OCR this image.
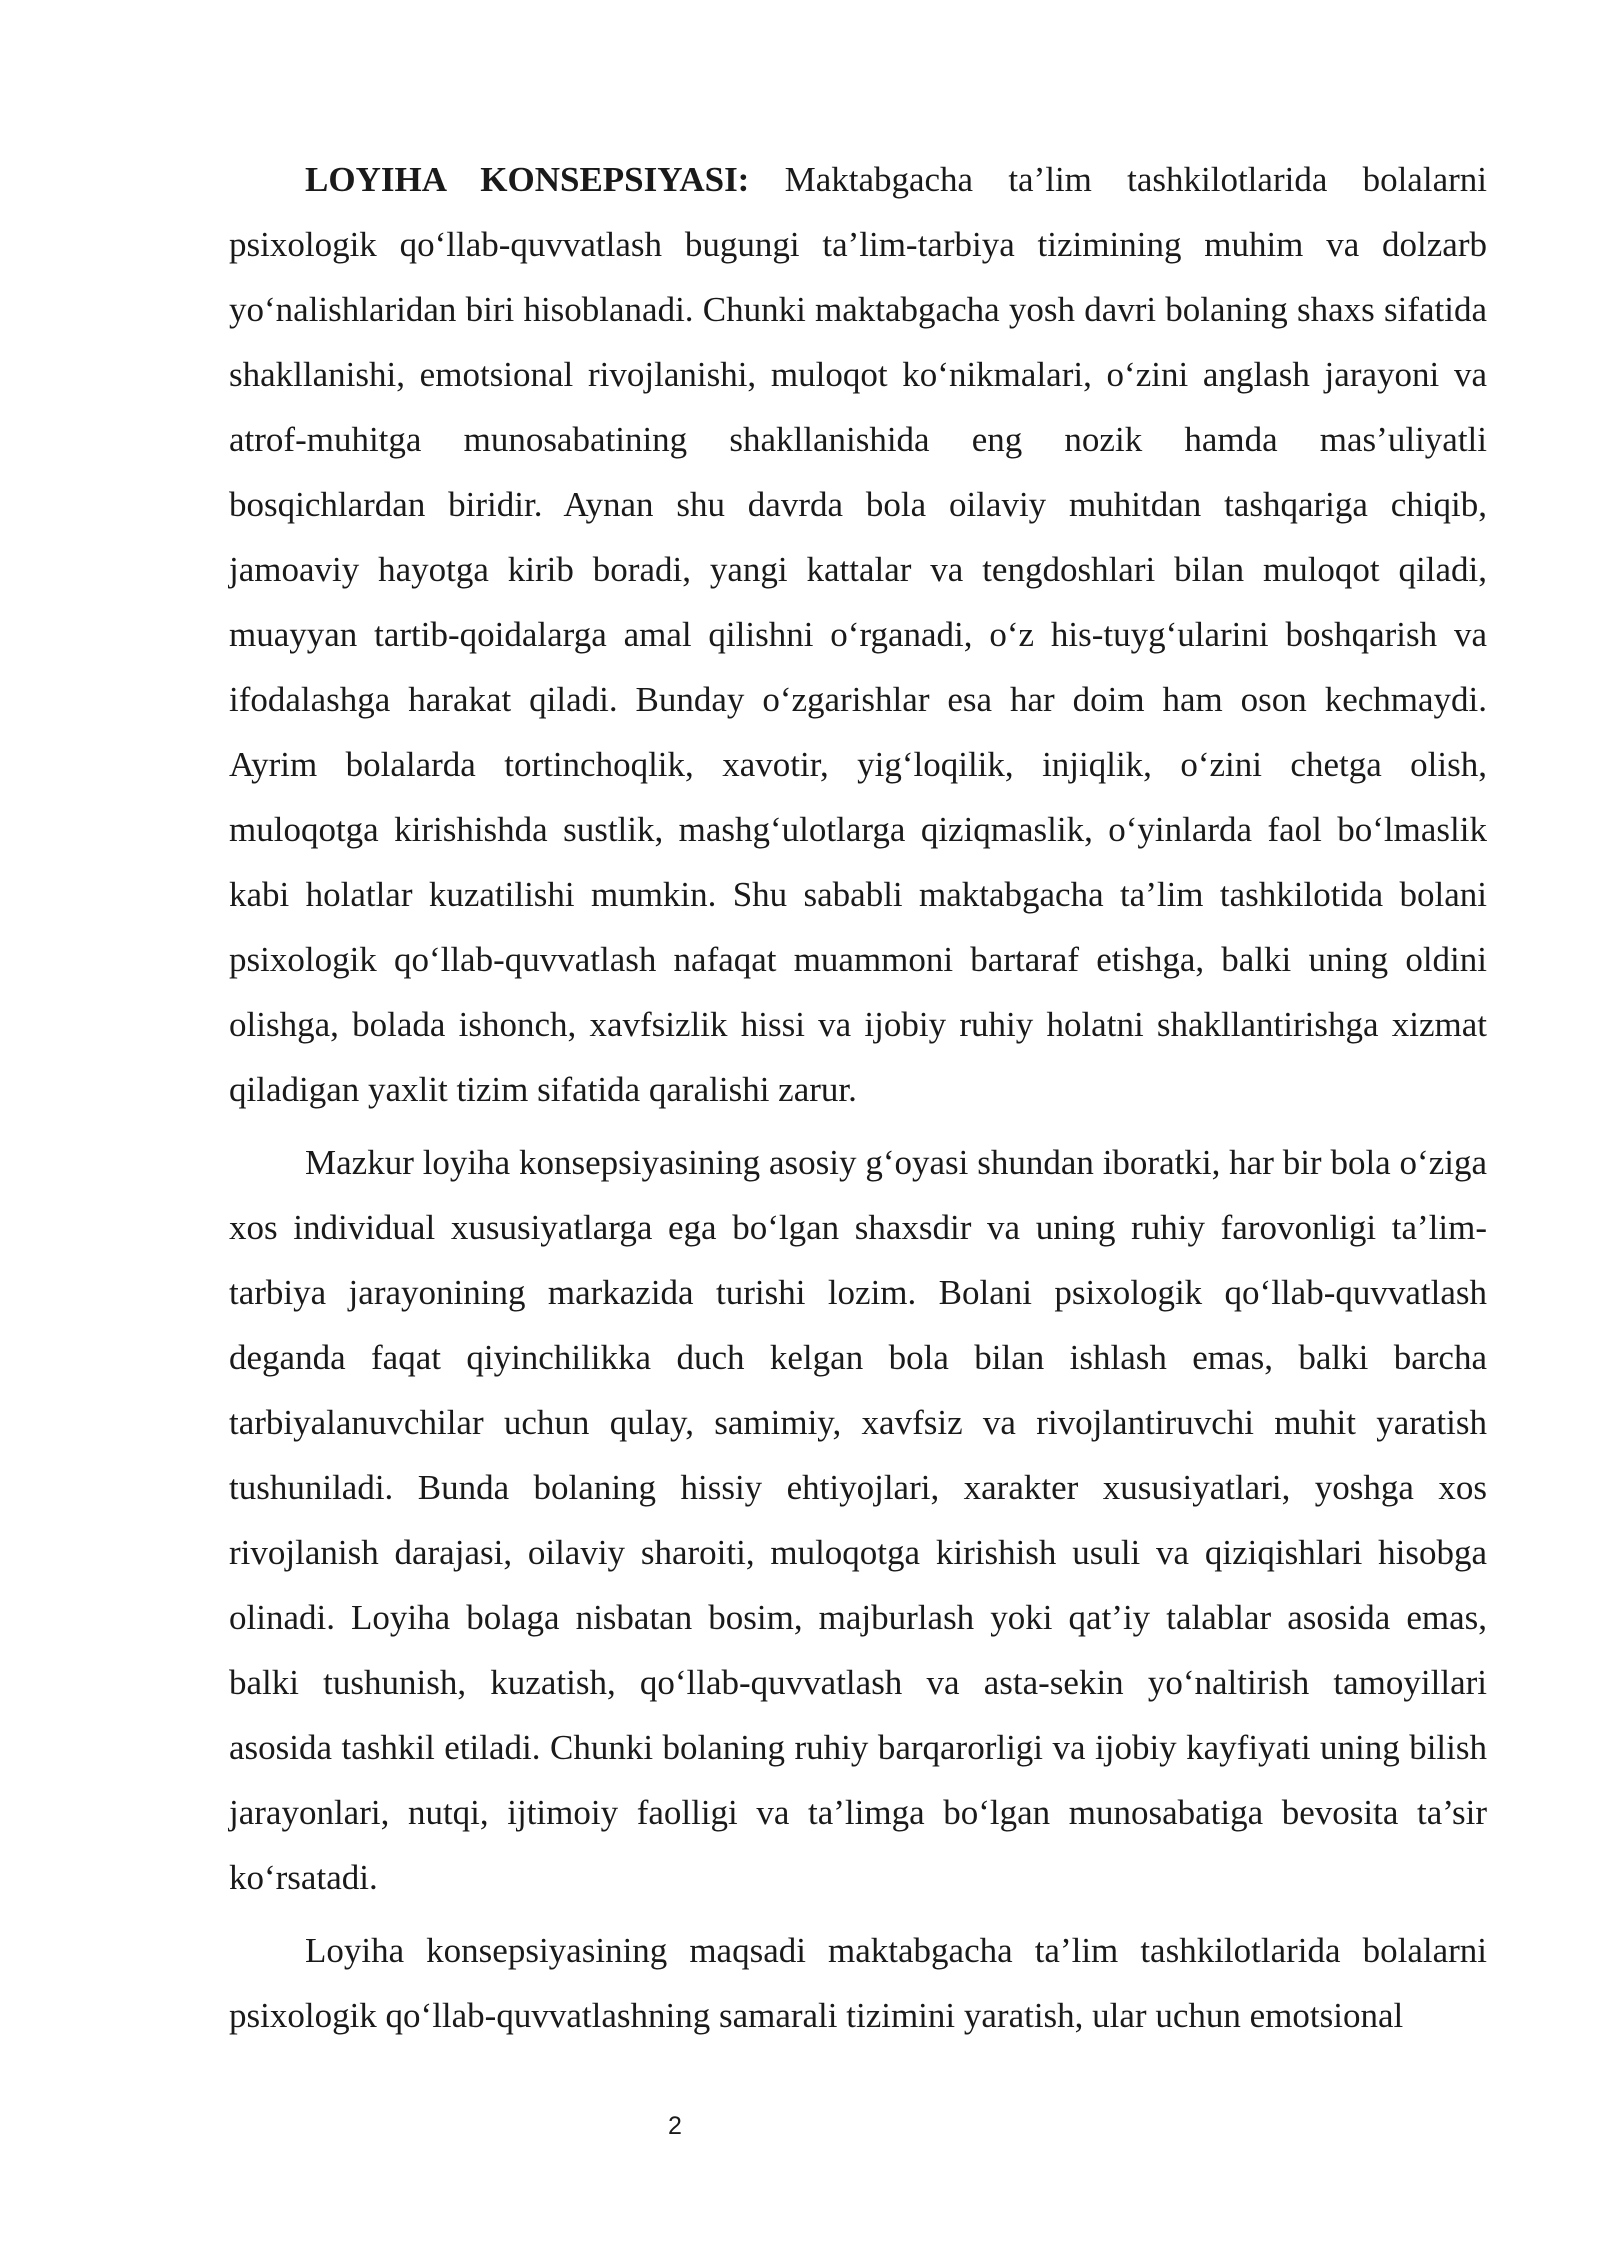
LOYIHA KONSEPSIYASI: Maktabgacha ta’lim tashkilotlarida bolalarni psixologik qo‘llab-quvvatlash bugungi ta’lim-tarbiya tizimining muhim va dolzarb yo‘nalishlaridan biri hisoblanadi. Chunki maktabgacha yosh davri bolaning shaxs sifatida shakllanishi, emotsional rivojlanishi, muloqot ko‘nikmalari, o‘zini anglash jarayoni va atrof-muhitga munosabatining shakllanishida eng nozik hamda mas’uliyatli bosqichlardan biridir. Aynan shu davrda bola oilaviy muhitdan tashqariga chiqib, jamoaviy hayotga kirib boradi, yangi kattalar va tengdoshlari bilan muloqot qiladi, muayyan tartib-qoidalarga amal qilishni o‘rganadi, o‘z his-tuyg‘ularini boshqarish va ifodalashga harakat qiladi. Bunday o‘zgarishlar esa har doim ham oson kechmaydi. Ayrim bolalarda tortinchoqlik, xavotir, yig‘loqilik, injiqlik, o‘zini chetga olish, muloqotga kirishishda sustlik, mashg‘ulotlarga qiziqmaslik, o‘yinlarda faol bo‘lmaslik kabi holatlar kuzatilishi mumkin. Shu sababli maktabgacha ta’lim tashkilotida bolani psixologik qo‘llab-quvvatlash nafaqat muammoni bartaraf etishga, balki uning oldini olishga, bolada ishonch, xavfsizlik hissi va ijobiy ruhiy holatni shakllantirishga xizmat qiladigan yaxlit tizim sifatida qaralishi zarur.

Mazkur loyiha konsepsiyasining asosiy g‘oyasi shundan iboratki, har bir bola o‘ziga xos individual xususiyatlarga ega bo‘lgan shaxsdir va uning ruhiy farovonligi ta’lim-tarbiya jarayonining markazida turishi lozim. Bolani psixologik qo‘llab-quvvatlash deganda faqat qiyinchilikka duch kelgan bola bilan ishlash emas, balki barcha tarbiyalanuvchilar uchun qulay, samimiy, xavfsiz va rivojlantiruvchi muhit yaratish tushuniladi. Bunda bolaning hissiy ehtiyojlari, xarakter xususiyatlari, yoshga xos rivojlanish darajasi, oilaviy sharoiti, muloqotga kirishish usuli va qiziqishlari hisobga olinadi. Loyiha bolaga nisbatan bosim, majburlash yoki qat’iy talablar asosida emas, balki tushunish, kuzatish, qo‘llab-quvvatlash va asta-sekin yo‘naltirish tamoyillari asosida tashkil etiladi. Chunki bolaning ruhiy barqarorligi va ijobiy kayfiyati uning bilish jarayonlari, nutqi, ijtimoiy faolligi va ta’limga bo‘lgan munosabatiga bevosita ta’sir ko‘rsatadi.

Loyiha konsepsiyasining maqsadi maktabgacha ta’lim tashkilotlarida bolalarni psixologik qo‘llab-quvvatlashning samarali tizimini yaratish, ular uchun emotsional

2
